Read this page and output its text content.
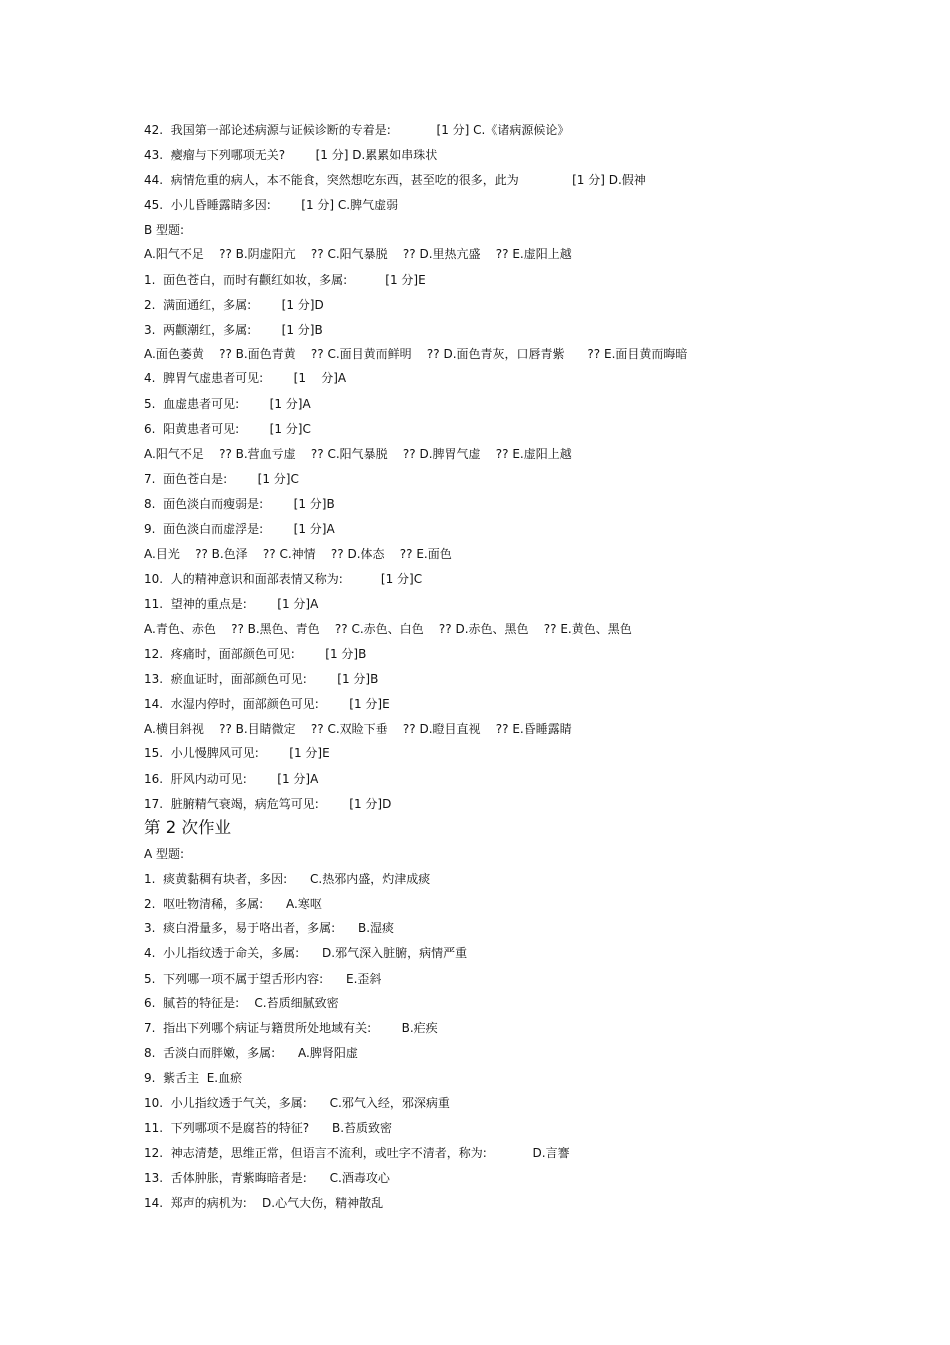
42.  我国第一部论述病源与证候诊断的专着是:            [1 分] C.《诸病源候论》
43.  瘿瘤与下列哪项无关?        [1 分] D.累累如串珠状
44.  病情危重的病人，本不能食，突然想吃东西，甚至吃的很多，此为              [1 分] D.假神
45.  小儿昏睡露睛多因:        [1 分] C.脾气虚弱
B 型题:
A.阳气不足    ?? B.阴虚阳亢    ?? C.阳气暴脱    ?? D.里热亢盛    ?? E.虚阳上越
1.  面色苍白，而时有颧红如妆，多属:          [1 分]E
2.  满面通红，多属:        [1 分]D
3.  两颧潮红，多属:        [1 分]B
A.面色萎黄    ?? B.面色青黄    ?? C.面目黄而鲜明    ?? D.面色青灰，口唇青紫      ?? E.面目黄而晦暗
4.  脾胃气虚患者可见:        [1    分]A
5.  血虚患者可见:        [1 分]A
6.  阳黄患者可见:        [1 分]C
A.阳气不足    ?? B.营血亏虚    ?? C.阳气暴脱    ?? D.脾胃气虚    ?? E.虚阳上越
7.  面色苍白是:        [1 分]C
8.  面色淡白而瘦弱是:        [1 分]B
9.  面色淡白而虚浮是:        [1 分]A
A.目光    ?? B.色泽    ?? C.神情    ?? D.体态    ?? E.面色
10.  人的精神意识和面部表情又称为:          [1 分]C
11.  望神的重点是:        [1 分]A
A.青色、赤色    ?? B.黑色、青色    ?? C.赤色、白色    ?? D.赤色、黑色    ?? E.黄色、黑色
12.  疼痛时，面部颜色可见:        [1 分]B
13.  瘀血证时，面部颜色可见:        [1 分]B
14.  水湿内停时，面部颜色可见:        [1 分]E
A.横目斜视    ?? B.目睛微定    ?? C.双睑下垂    ?? D.瞪目直视    ?? E.昏睡露睛
15.  小儿慢脾风可见:        [1 分]E
16.  肝风内动可见:        [1 分]A
17.  脏腑精气衰竭，病危笃可见:        [1 分]D
第 2 次作业
A 型题:
1.  痰黄黏稠有块者，多因:      C.热邪内盛，灼津成痰
2.  呕吐物清稀，多属:      A.寒呕
3.  痰白滑量多，易于咯出者，多属:      B.湿痰
4.  小儿指纹透于命关，多属:      D.邪气深入脏腑，病情严重
5.  下列哪一项不属于望舌形内容:      E.歪斜
6.  腻苔的特征是:    C.苔质细腻致密
7.  指出下列哪个病证与籍贯所处地域有关:        B.疟疾
8.  舌淡白而胖嫩，多属:      A.脾肾阳虚
9.  紫舌主  E.血瘀
10.  小儿指纹透于气关，多属:      C.邪气入经，邪深病重
11.  下列哪项不是腐苔的特征?      B.苔质致密
12.  神志清楚，思维正常，但语言不流利，或吐字不清者，称为:            D.言謇
13.  舌体肿胀，青紫晦暗者是:      C.酒毒攻心
14.  郑声的病机为:    D.心气大伤，精神散乱
